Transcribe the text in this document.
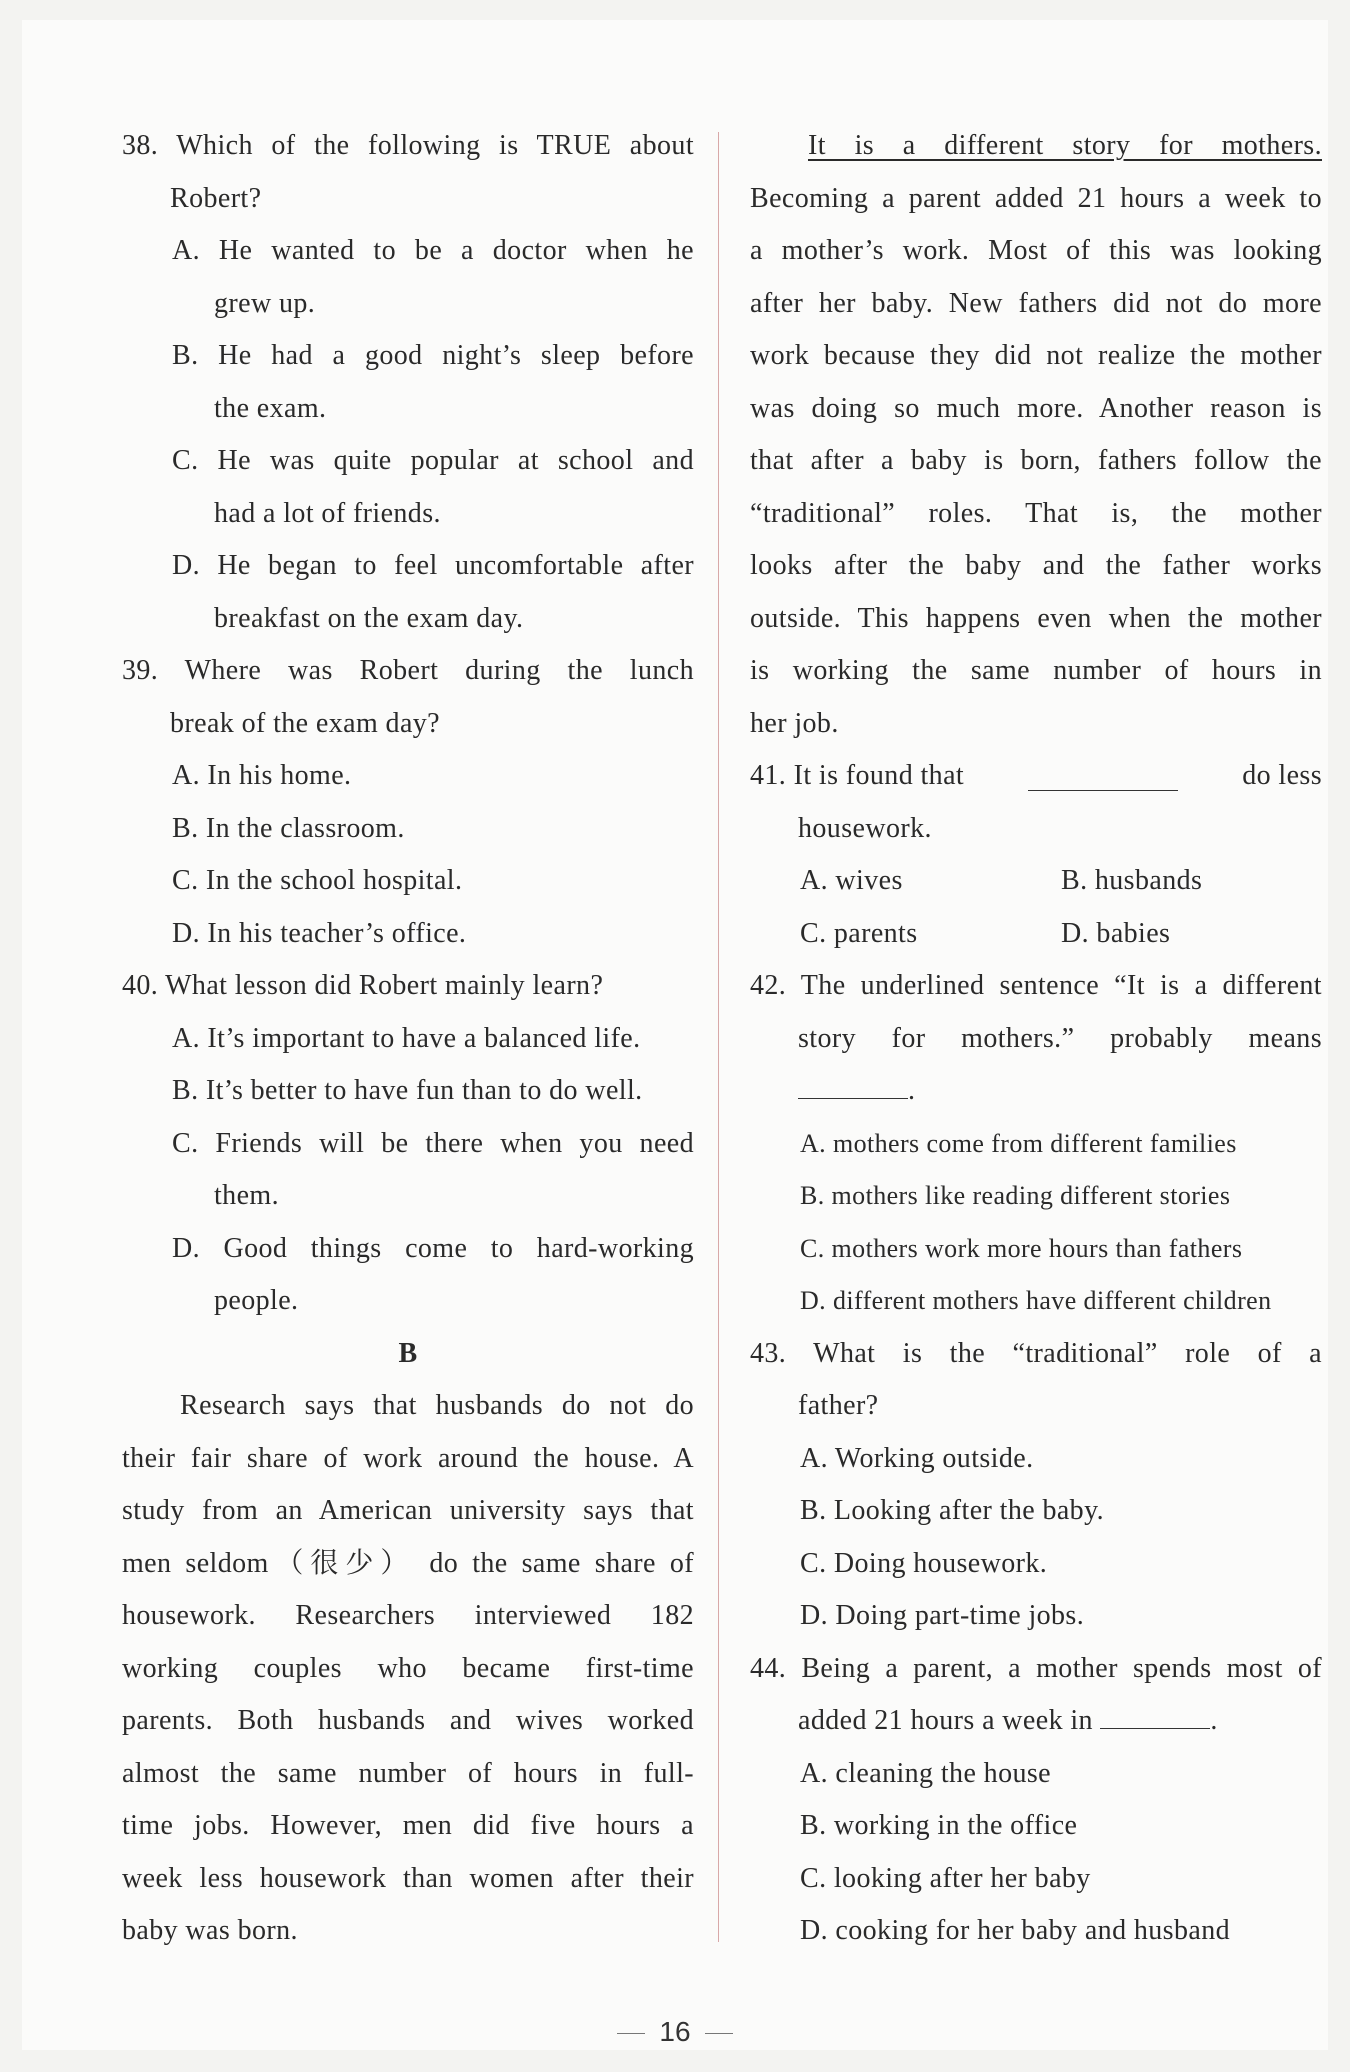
38. Which of the following is TRUE about
Robert?
A. He wanted to be a doctor when he
grew up.
B. He had a good night’s sleep before
the exam.
C. He was quite popular at school and
had a lot of friends.
D. He began to feel uncomfortable after
breakfast on the exam day.
39. Where was Robert during the lunch
break of the exam day?
A. In his home.
B. In the classroom.
C. In the school hospital.
D. In his teacher’s office.
40. What lesson did Robert mainly learn?
A. It’s important to have a balanced life.
B. It’s better to have fun than to do well.
C. Friends will be there when you need
them.
D. Good things come to hard-working
people.
B
Research says that husbands do not do
their fair share of work around the house. A
study from an American university says that
men seldom（很少） do the same share of
housework. Researchers interviewed 182
working couples who became first-time
parents. Both husbands and wives worked
almost the same number of hours in full-
time jobs. However, men did five hours a
week less housework than women after their
baby was born.
It is a different story for mothers.
Becoming a parent added 21 hours a week to
a mother’s work. Most of this was looking
after her baby. New fathers did not do more
work because they did not realize the mother
was doing so much more. Another reason is
that after a baby is born, fathers follow the
“traditional” roles. That is, the mother
looks after the baby and the father works
outside. This happens even when the mother
is working the same number of hours in
her job.
41. It is found that	do less
housework.
A. wives	B. husbands
C. parents	D. babies
42. The underlined sentence “It is a different
story for mothers.” probably means
.
A. mothers come from different families
B. mothers like reading different stories
C. mothers work more hours than fathers
D. different mothers have different children
43. What is the “traditional” role of a
father?
A. Working outside.
B. Looking after the baby.
C. Doing housework.
D. Doing part-time jobs.
44. Being a parent, a mother spends most of
added 21 hours a week in	.
A. cleaning the house
B. working in the office
C. looking after her baby
D. cooking for her baby and husband
16
